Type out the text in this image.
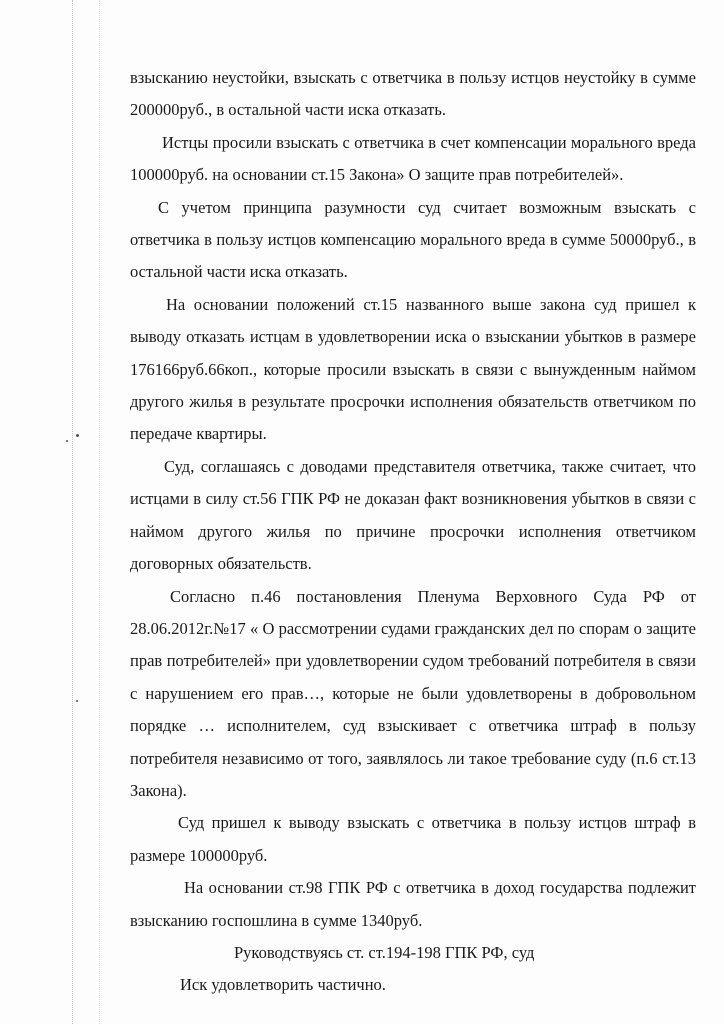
взысканию неустойки, взыскать с ответчика в пользу истцов неустойку в сумме 200000руб., в остальной части иска отказать.

Истцы просили взыскать с ответчика в счет компенсации морального вреда 100000руб. на основании ст.15 Закона» О защите прав потребителей».

С учетом принципа разумности суд считает возможным взыскать с ответчика в пользу истцов компенсацию морального вреда в сумме 50000руб., в остальной части иска отказать.

На основании положений ст.15 названного выше закона суд пришел к выводу отказать истцам в удовлетворении иска о взыскании убытков в размере 176166руб.66коп., которые просили взыскать в связи с вынужденным наймом другого жилья в результате просрочки исполнения обязательств ответчиком по передаче квартиры.

Суд, соглашаясь с доводами представителя ответчика, также считает, что истцами в силу ст.56 ГПК РФ не доказан факт возникновения убытков в связи с наймом другого жилья по причине просрочки исполнения ответчиком договорных обязательств.

Согласно п.46 постановления Пленума Верховного Суда РФ от 28.06.2012г.№17 « О рассмотрении судами гражданских дел по спорам о защите прав потребителей» при удовлетворении судом требований потребителя в связи с нарушением его прав…, которые не были удовлетворены в добровольном порядке … исполнителем, суд взыскивает с ответчика штраф в пользу потребителя независимо от того, заявлялось ли такое требование суду (п.6 ст.13 Закона).

Суд пришел к выводу взыскать с ответчика в пользу истцов штраф в размере 100000руб.

На основании ст.98 ГПК РФ с ответчика в доход государства подлежит взысканию госпошлина в сумме 1340руб.

Руководствуясь ст. ст.194-198 ГПК РФ, суд

Иск удовлетворить частично.
